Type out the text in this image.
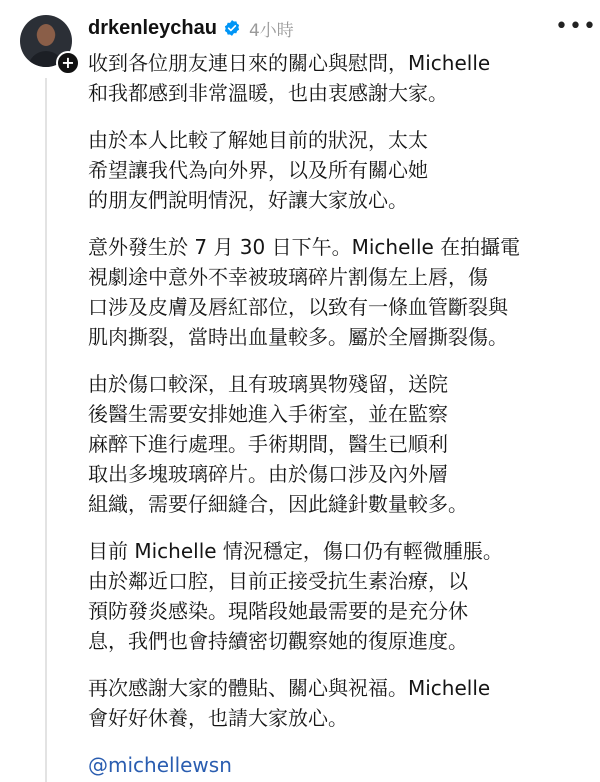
+
drkenleychau 4小時	•••

收到各位朋友連日來的關心與慰問，Michelle
和我都感到非常溫暖，也由衷感謝大家。

由於本人比較了解她目前的狀況，太太
希望讓我代為向外界，以及所有關心她
的朋友們說明情況，好讓大家放心。

意外發生於 7 月 30 日下午。Michelle 在拍攝電
視劇途中意外不幸被玻璃碎片割傷左上唇，傷
口涉及皮膚及唇紅部位，以致有一條血管斷裂與
肌肉撕裂，當時出血量較多。屬於全層撕裂傷。

由於傷口較深，且有玻璃異物殘留，送院
後醫生需要安排她進入手術室，並在監察
麻醉下進行處理。手術期間，醫生已順利
取出多塊玻璃碎片。由於傷口涉及內外層
組織，需要仔細縫合，因此縫針數量較多。

目前 Michelle 情況穩定，傷口仍有輕微腫脹。
由於鄰近口腔，目前正接受抗生素治療，以
預防發炎感染。現階段她最需要的是充分休
息，我們也會持續密切觀察她的復原進度。

再次感謝大家的體貼、關心與祝福。Michelle
會好好休養，也請大家放心。

@michellewsn
